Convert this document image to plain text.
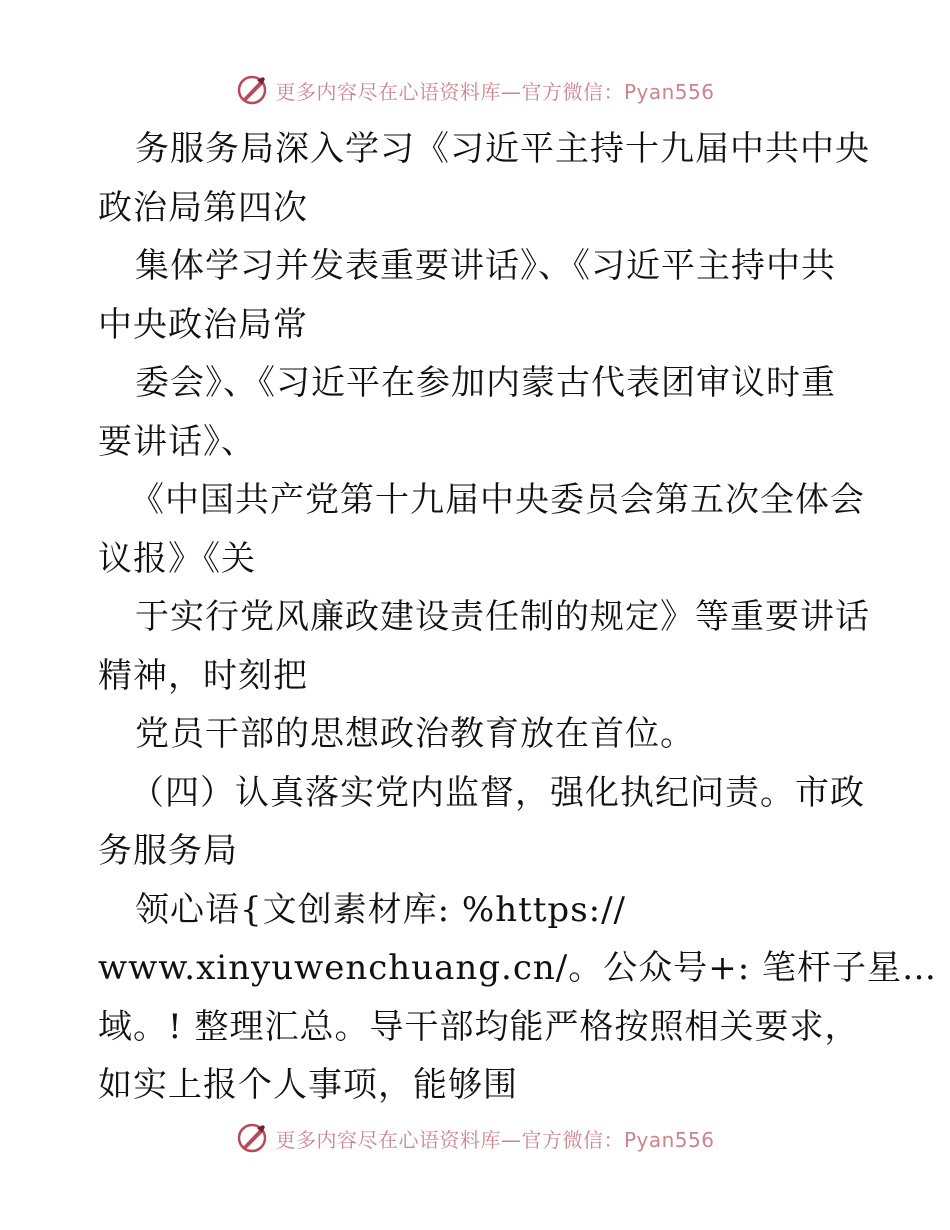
更多内容尽在心语资料库—官方微信：Pyan556
务服务局深入学习《习近平主持十九届中共中央
政治局第四次
集体学习并发表重要讲话》、《习近平主持中共
中央政治局常
委会》、《习近平在参加内蒙古代表团审议时重
要讲话》、
《中国共产党第十九届中央委员会第五次全体会
议报》《关
于实行党风廉政建设责任制的规定》等重要讲话
精神，时刻把
党员干部的思想政治教育放在首位。
（四）认真落实党内监督，强化执纪问责。市政
务服务局
领心语{文创素材库: %https://
www.xinyuwenchuang.cn/。公众号+: 笔杆子星…
域。! 整理汇总。导干部均能严格按照相关要求，
如实上报个人事项，能够围
更多内容尽在心语资料库—官方微信：Pyan556
